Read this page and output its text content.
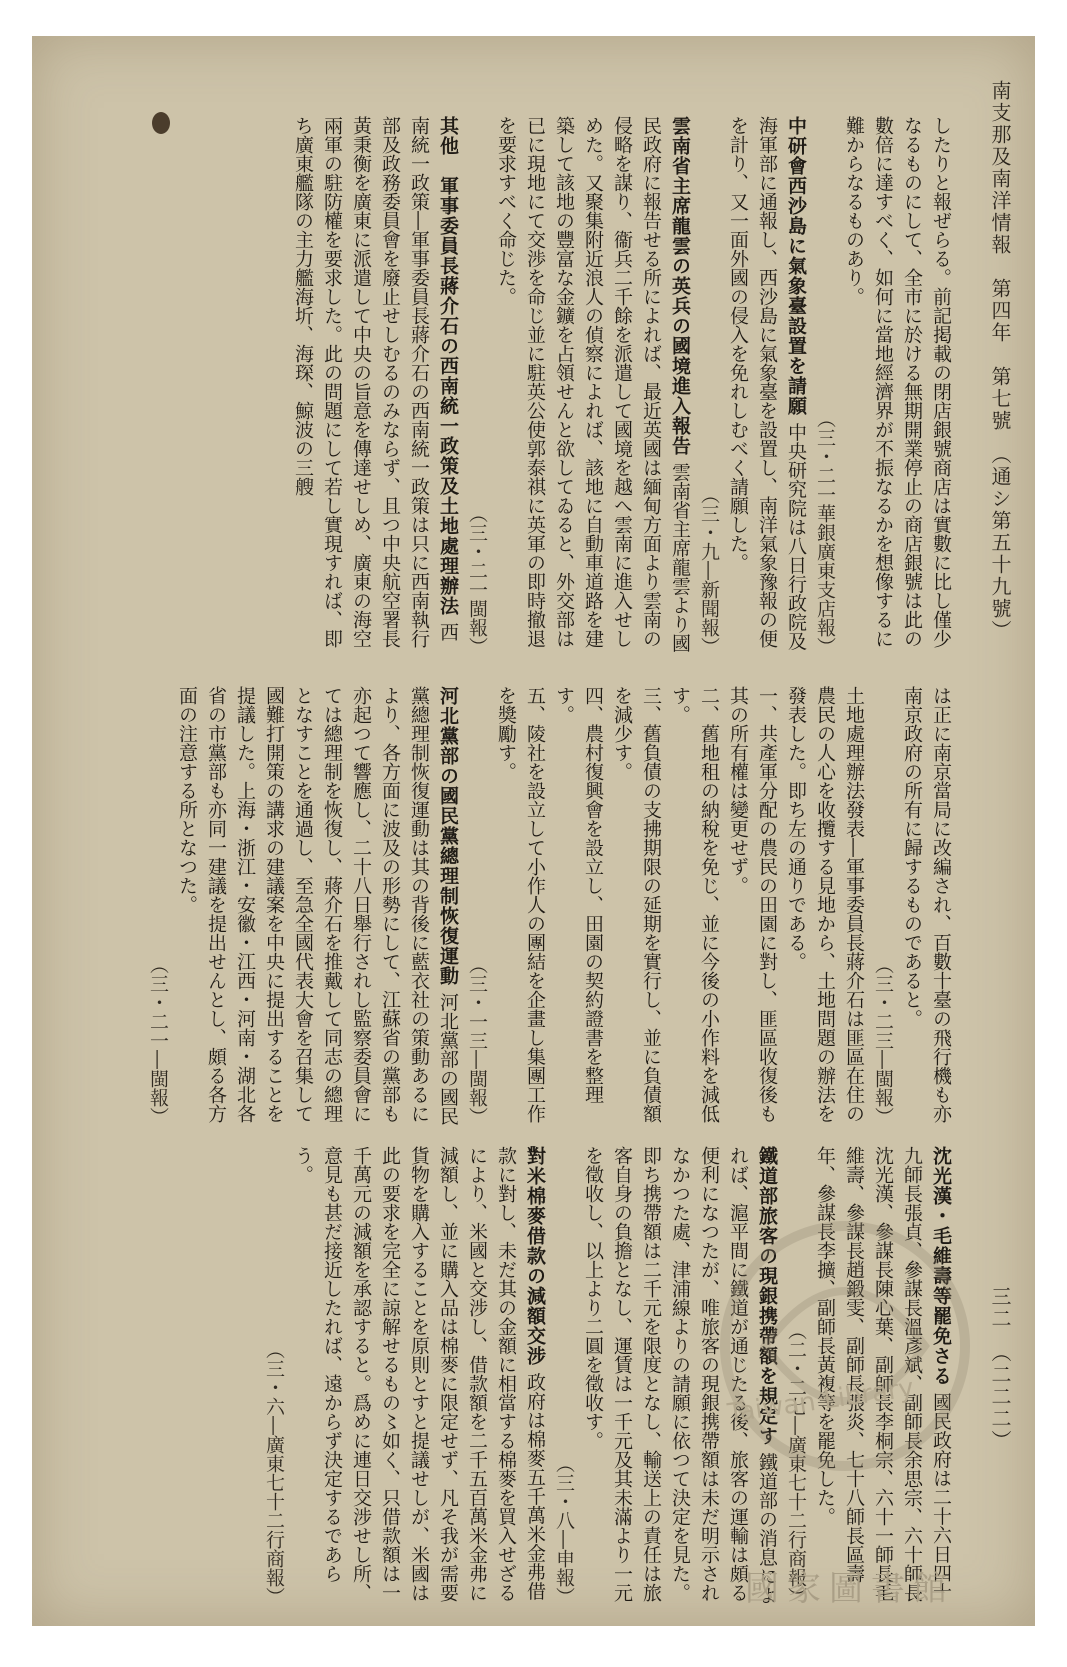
南支那及南洋情報　第四年　第七號　（通シ第五十九號）
三二　（二二二）

したりと報ぜらる。前記掲載の閉店銀號商店は實數に比し僅少なるものにして、全市に於ける無期開業停止の商店銀號は此の數倍に達すべく、如何に當地經濟界が不振なるかを想像するに難からなるものあり。
（三・二一華銀廣東支店報）

中研會西沙島に氣象臺設置を請願 中央研究院は八日行政院及海軍部に通報し、西沙島に氣象臺を設置し、南洋氣象豫報の便を計り、又一面外國の侵入を免れしむべく請願した。
（三・九―新聞報）

雲南省主席龍雲の英兵の國境進入報告 雲南省主席龍雲より國民政府に報告せる所によれば、最近英國は緬甸方面より雲南の侵略を謀り、衞兵二千餘を派遣して國境を越へ雲南に進入せしめた。又聚集附近浪人の偵察によれば、該地に自動車道路を建築して該地の豐富な金鑛を占領せんと欲してゐると、外交部は已に現地にて交渉を命じ並に駐英公使郭泰祺に英軍の即時撤退を要求すべく命じた。
（三・二一閩報）

其他　軍事委員長蔣介石の西南統一政策及土地處理辦法 西南統一政策―軍事委員長蔣介石の西南統一政策は只に西南執行部及政務委員會を廢止せしむるのみならず、且つ中央航空署長黃秉衡を廣東に派遣して中央の旨意を傳達せしめ、廣東の海空兩軍の駐防權を要求した。此の問題にして若し實現すれば、即ち廣東艦隊の主力艦海圻、海琛、鯨波の三艘

は正に南京當局に改編され、百數十臺の飛行機も亦南京政府の所有に歸するものであると。
（三・二三―閩報）

土地處理辦法發表―軍事委員長蔣介石は匪區在住の農民の人心を收攬する見地から、土地問題の辦法を發表した。即ち左の通りである。

一、共產軍分配の農民の田園に對し、匪區收復後も其の所有權は變更せず。

二、舊地租の納稅を免じ、並に今後の小作料を減低す。

三、舊負債の支拂期限の延期を實行し、並に負債額を減少す。

四、農村復興會を設立し、田園の契約證書を整理す。

五、陵社を設立して小作人の團結を企畫し集團工作を獎勵す。
（三・一三―閩報）

河北黨部の國民黨總理制恢復運動 河北黨部の國民黨總理制恢復運動は其の背後に藍衣社の策動あるにより、各方面に波及の形勢にして、江蘇省の黨部も亦起つて響應し、二十八日舉行されし監察委員會にては總理制を恢復し、蔣介石を推戴して同志の總理となすことを通過し、至急全國代表大會を召集して國難打開策の講求の建議案を中央に提出することを提議した。上海・浙江・安徽・江西・河南・湖北各省の市黨部も亦同一建議を提出せんとし、頗る各方面の注意する所となつた。
（三・二一―閩報）

沈光漢・毛維壽等罷免さる 國民政府は二十六日四十九師長張貞、參謀長溫彥斌、副師長余思宗、六十師長沈光漢、參謀長陳心葉、副師長李桐宗、六十一師長毛維壽、參謀長趙鍛雯、副師長張炎、七十八師長區壽年、參謀長李擴、副師長黃複等を罷免した。
（二・二七―廣東七十二行商報）

鐵道部旅客の現銀携帶額を規定す 鐵道部の消息によれば、滬平間に鐵道が通じたる後、旅客の運輸は頗る便利になつたが、唯旅客の現銀携帶額は未だ明示されなかつた處、津浦線よりの請願に依つて決定を見た。即ち携帶額は二千元を限度となし、輸送上の責任は旅客自身の負擔となし、運賃は一千元及其未滿より一元を徵收し、以上より二圓を徵收す。
（三・八―申報）

對米棉麥借款の減額交涉 政府は棉麥五千萬米金弗借款に對し、未だ其の金額に相當する棉麥を買入せざるにより、米國と交涉し、借款額を二千五百萬米金弗に減額し、並に購入品は棉麥に限定せず、凡そ我が需要貨物を購入することを原則とすと提議せしが、米國は此の要求を完全に諒解せるもの〻如く、只借款額は一千萬元の減額を承認すると。爲めに連日交涉せし所、意見も甚だ接近したれば、遠からず決定するであらう。
（三・六―廣東七十二行商報）	Taiwan Library
國家圖書館
